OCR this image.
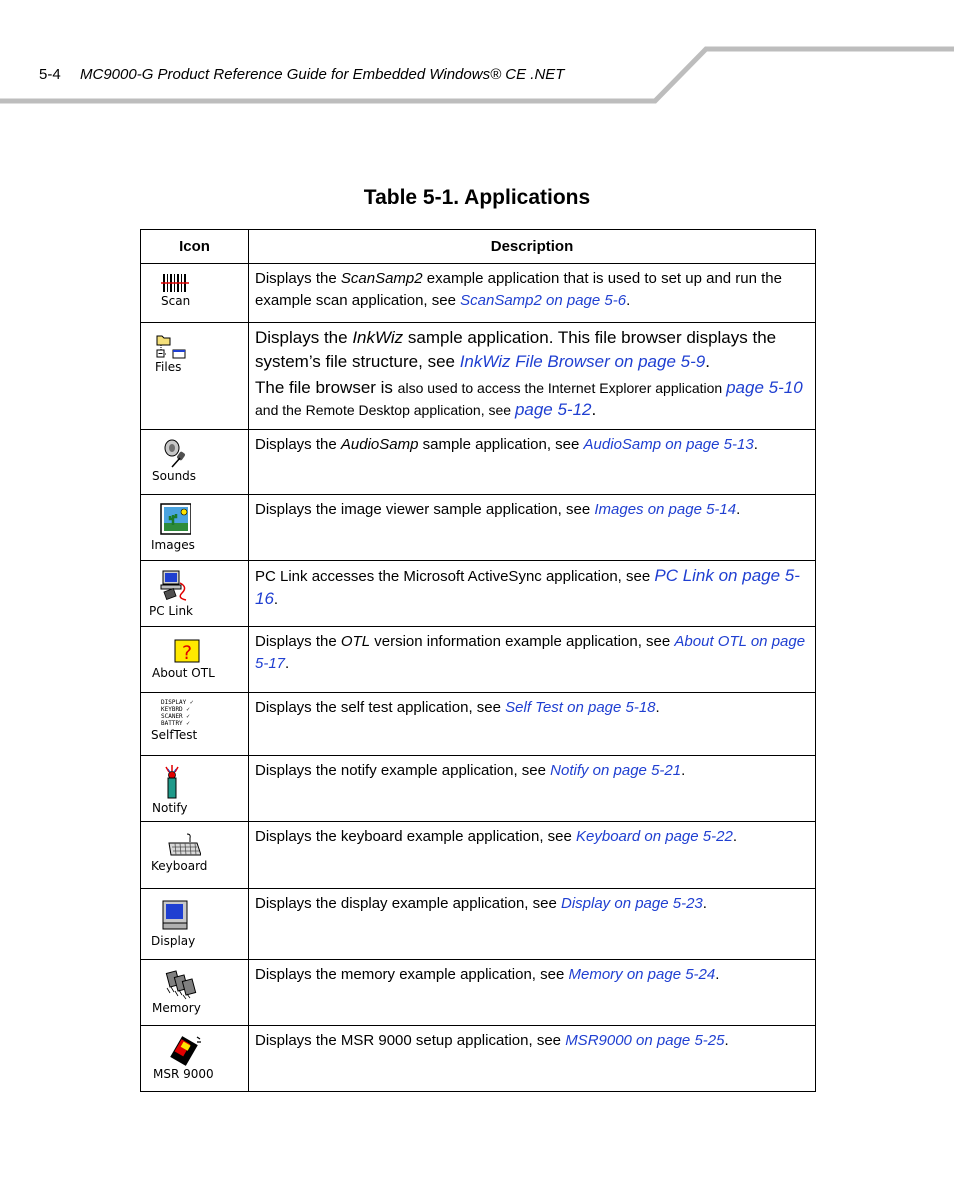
5-4 MC9000-G Product Reference Guide for Embedded Windows® CE .NET
Table 5-1. Applications
Icon	Description

Scan	Displays the ScanSamp2 example application that is used to set up and run the example scan application, see ScanSamp2 on page 5-6.

Files	Displays the InkWiz sample application. This file browser displays the system’s file structure, see InkWiz File Browser on page 5-9.

The file browser is also used to access the Internet Explorer application page 5-10
and the Remote Desktop application, see page 5-12.

Sounds	Displays the AudioSamp sample application, see AudioSamp on page 5-13.

Images	Displays the image viewer sample application, see Images on page 5-14.

PC Link	PC Link accesses the Microsoft ActiveSync application, see PC Link on page 5-16.

?
About OTL	Displays the OTL version information example application, see About OTL on page 5-17.

DISPLAY ✓
KEYBRD ✓
SCANER ✓
BATTRY ✓
SelfTest	Displays the self test application, see Self Test on page 5-18.

Notify	Displays the notify example application, see Notify on page 5-21.

Keyboard	Displays the keyboard example application, see Keyboard on page 5-22.

Display	Displays the display example application, see Display on page 5-23.

Memory	Displays the memory example application, see Memory on page 5-24.

MSR 9000	Displays the MSR 9000 setup application, see MSR9000 on page 5-25.
